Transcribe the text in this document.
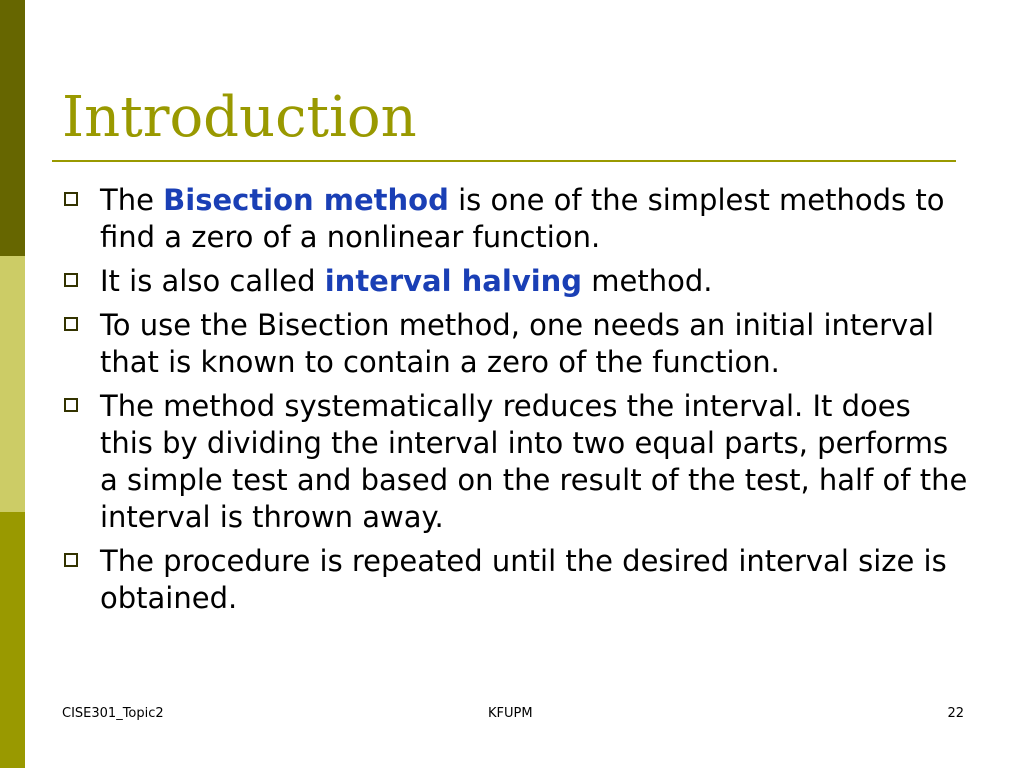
Introduction
The Bisection method is one of the simplest methods to find a zero of a nonlinear function.
It is also called interval halving method.
To use the Bisection method, one needs an initial interval that is known to contain a zero of the function.
The method systematically reduces the interval. It does this by dividing the interval into two equal parts, performs a simple test and based on the result of the test, half of the interval is thrown away.
The procedure is repeated until the desired interval size is obtained.
CISE301_Topic2	KFUPM	22
